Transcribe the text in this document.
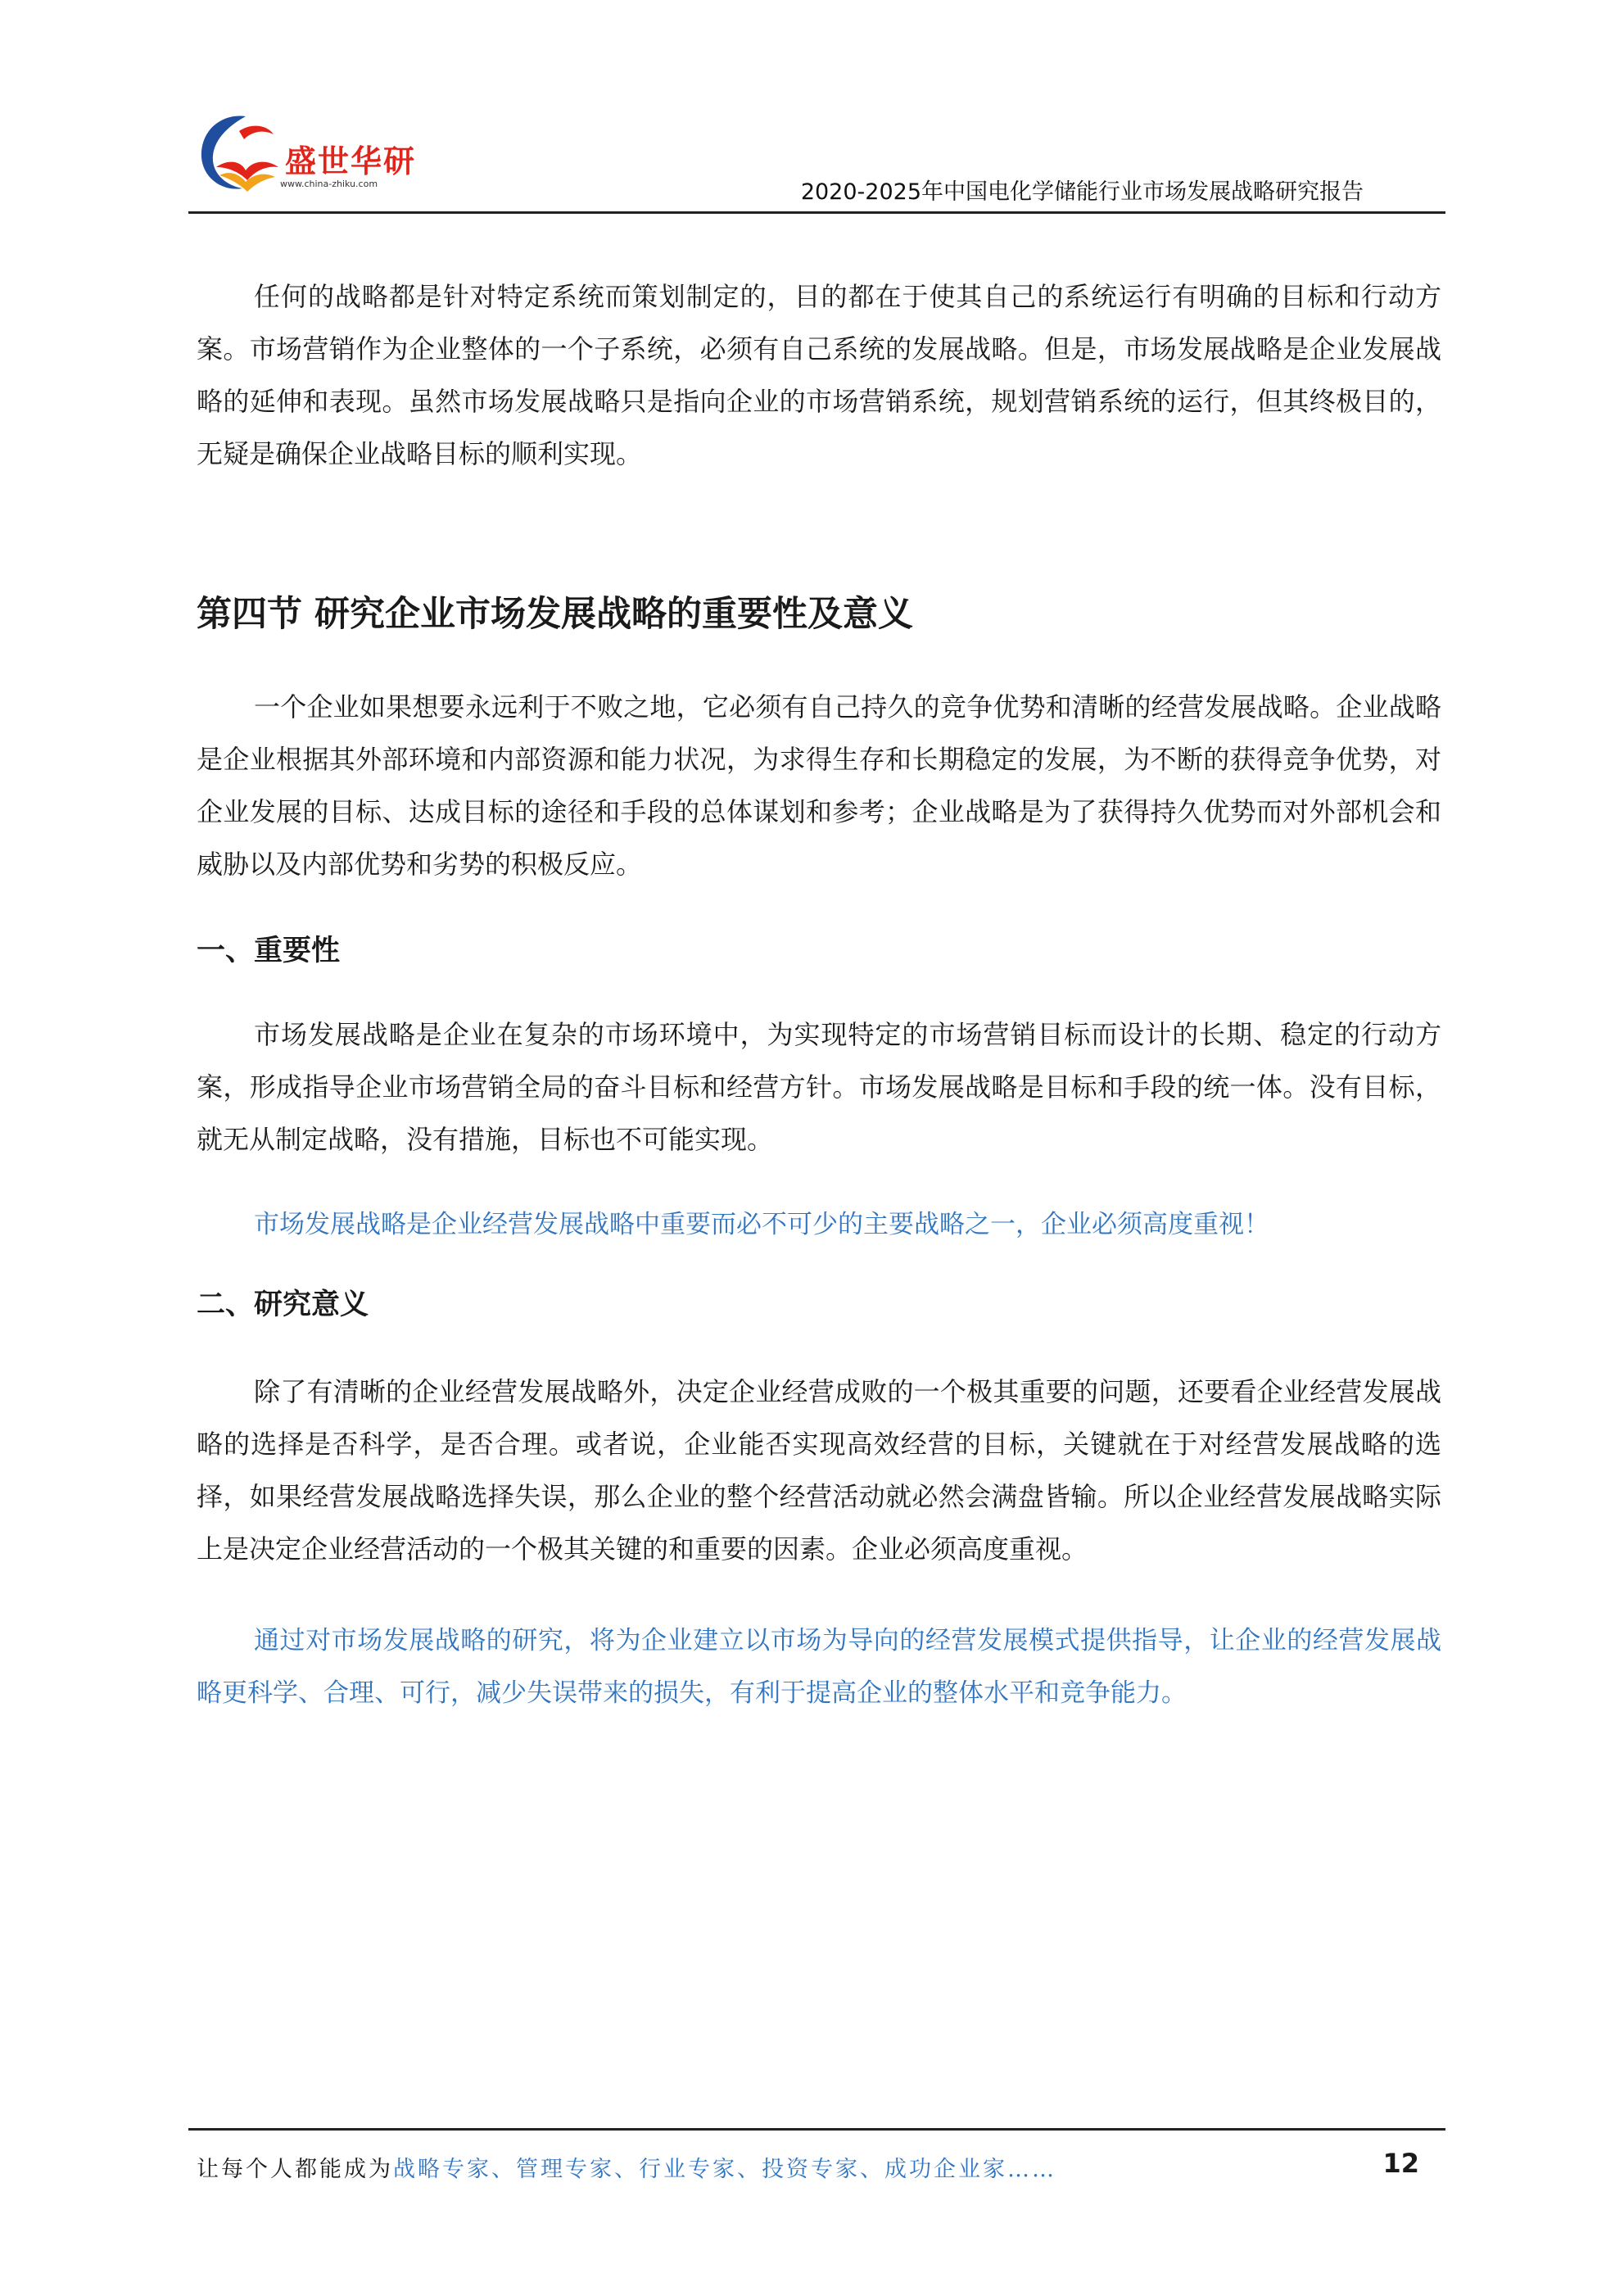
盛世华研
www.china-zhiku.com	2020-2025年中国电化学储能行业市场发展战略研究报告

任何的战略都是针对特定系统而策划制定的，目的都在于使其自己的系统运行有明确的目标和行动方案。市场营销作为企业整体的一个子系统，必须有自己系统的发展战略。但是，市场发展战略是企业发展战略的延伸和表现。虽然市场发展战略只是指向企业的市场营销系统，规划营销系统的运行，但其终极目的，无疑是确保企业战略目标的顺利实现。

第四节 研究企业市场发展战略的重要性及意义

一个企业如果想要永远利于不败之地，它必须有自己持久的竞争优势和清晰的经营发展战略。企业战略是企业根据其外部环境和内部资源和能力状况，为求得生存和长期稳定的发展，为不断的获得竞争优势，对企业发展的目标、达成目标的途径和手段的总体谋划和参考；企业战略是为了获得持久优势而对外部机会和威胁以及内部优势和劣势的积极反应。

一、重要性

市场发展战略是企业在复杂的市场环境中，为实现特定的市场营销目标而设计的长期、稳定的行动方案，形成指导企业市场营销全局的奋斗目标和经营方针。市场发展战略是目标和手段的统一体。没有目标，就无从制定战略，没有措施，目标也不可能实现。

市场发展战略是企业经营发展战略中重要而必不可少的主要战略之一，企业必须高度重视！

二、研究意义

除了有清晰的企业经营发展战略外，决定企业经营成败的一个极其重要的问题，还要看企业经营发展战略的选择是否科学，是否合理。或者说，企业能否实现高效经营的目标，关键就在于对经营发展战略的选择，如果经营发展战略选择失误，那么企业的整个经营活动就必然会满盘皆输。所以企业经营发展战略实际上是决定企业经营活动的一个极其关键的和重要的因素。企业必须高度重视。

通过对市场发展战略的研究，将为企业建立以市场为导向的经营发展模式提供指导，让企业的经营发展战略更科学、合理、可行，减少失误带来的损失，有利于提高企业的整体水平和竞争能力。

让每个人都能成为战略专家、管理专家、行业专家、投资专家、成功企业家……	12
